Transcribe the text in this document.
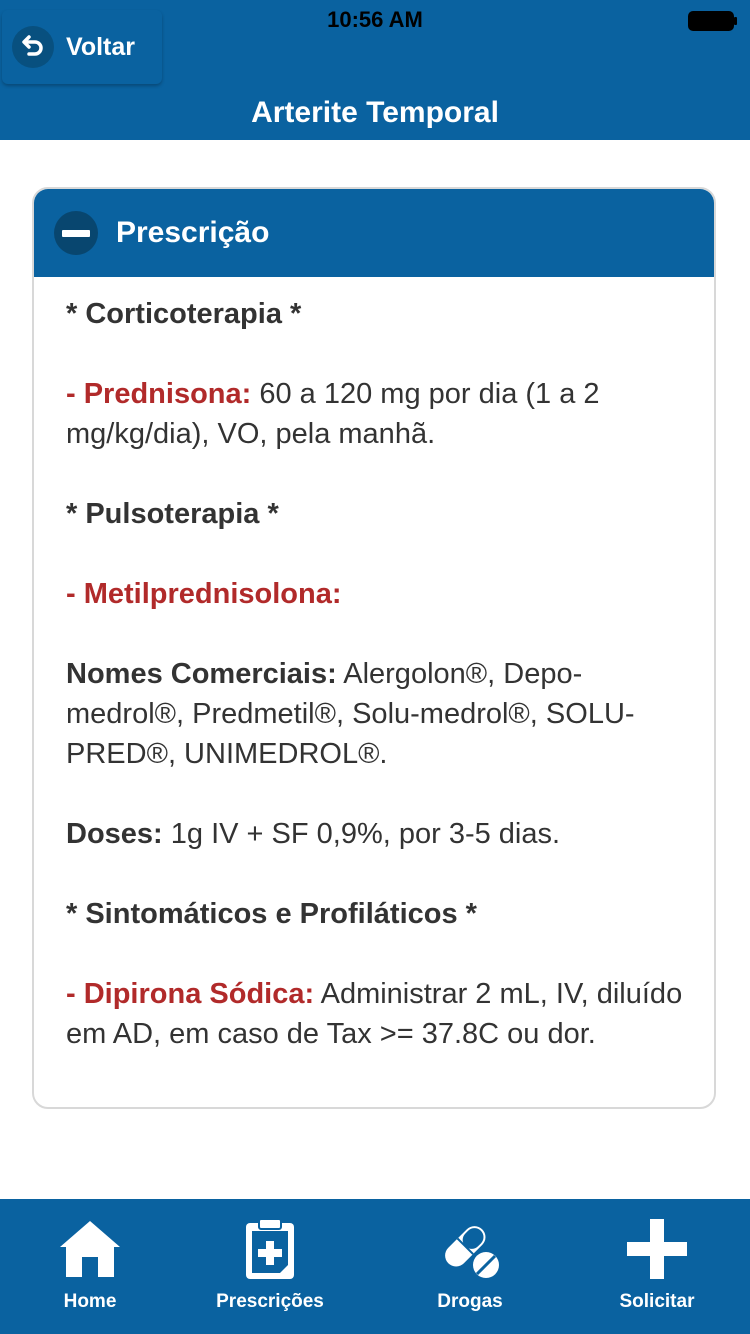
10:56 AM
Voltar
Arterite Temporal
Prescrição

* Corticoterapia *

- Prednisona: 60 a 120 mg por dia (1 a 2 mg/kg/dia), VO, pela manhã.

* Pulsoterapia *

- Metilprednisolona:

Nomes Comerciais: Alergolon®, Depo-medrol®, Predmetil®, Solu-medrol®, SOLU-PRED®, UNIMEDROL®.

Doses: 1g IV + SF 0,9%, por 3-5 dias.

* Sintomáticos e Profiláticos *

- Dipirona Sódica: Administrar 2 mL, IV, diluído em AD, em caso de Tax >= 37.8C ou dor.

Home	Prescrições	Drogas	Solicitar
